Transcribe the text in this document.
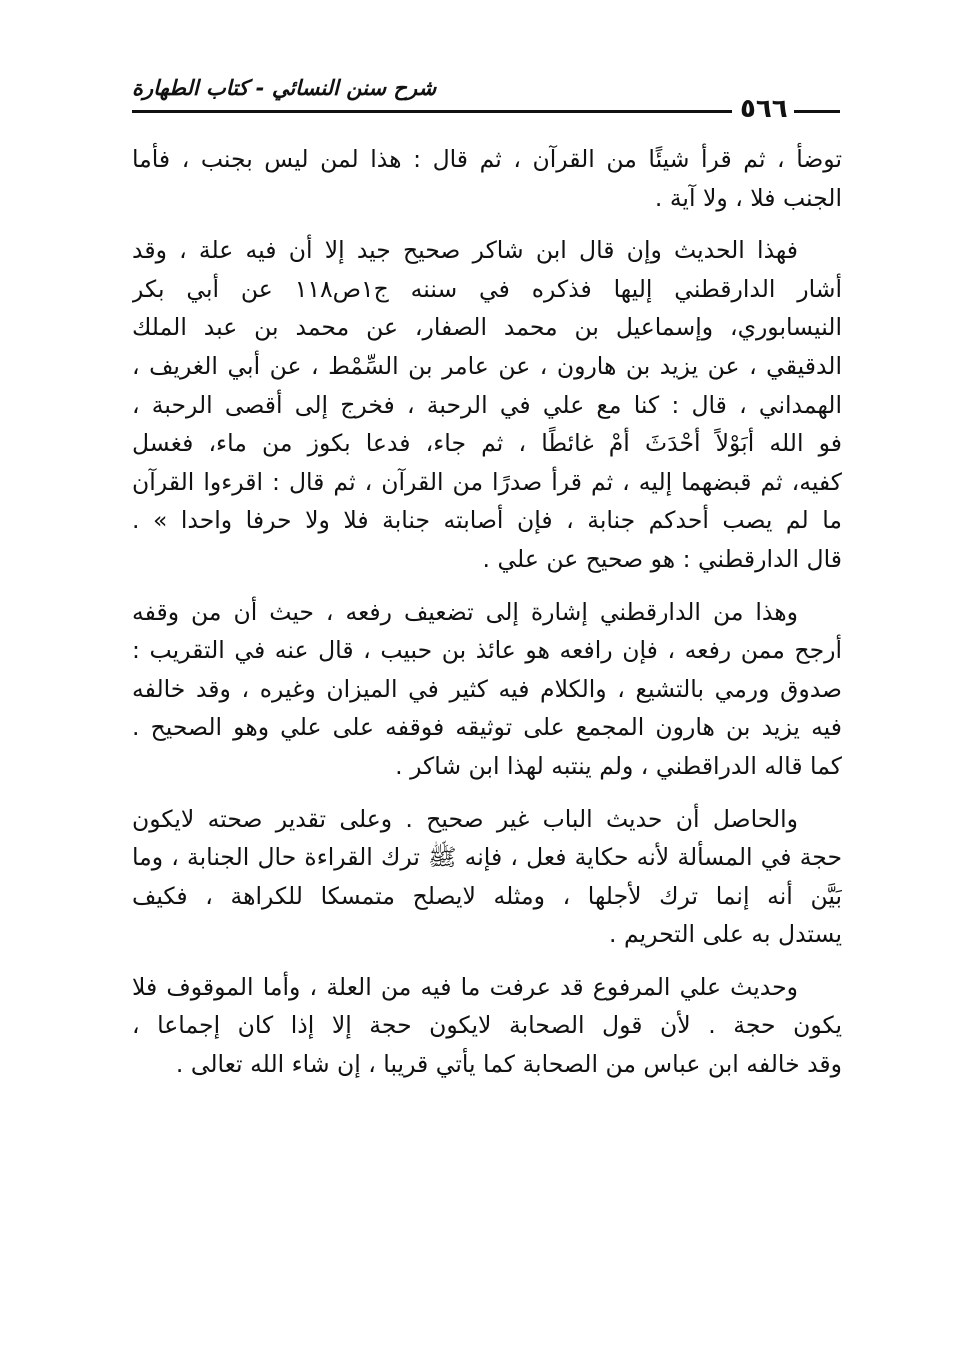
شرح سنن النسائي - كتاب الطهارة
٥٦٦
توضأ ، ثم قرأ شيئًا من القرآن ، ثم قال : هذا لمن ليس بجنب ، فأما
الجنب فلا ، ولا آية .
فهذا الحديث وإن قال ابن شاكر صحيح جيد إلا أن فيه علة ، وقد
أشار الدارقطني إليها فذكره في سننه ج١ص١١٨ عن أبي بكر
النيسابوري، وإسماعيل بن محمد الصفار، عن محمد بن عبد الملك
الدقيقي ، عن يزيد بن هارون ، عن عامر بن السِّمْط ، عن أبي الغريف ،
الهمداني ، قال : كنا مع علي في الرحبة ، فخرج إلى أقصى الرحبة ،
فو الله أبَوْلاً أحْدَثَ أمْ غائطًا ، ثم جاء، فدعا بكوز من ماء، فغسل
كفيه، ثم قبضهما إليه ، ثم قرأ صدرًا من القرآن ، ثم قال : اقرءوا القرآن
ما لم يصب أحدكم جنابة ، فإن أصابته جنابة فلا ولا حرفا واحدا » .
قال الدارقطني : هو صحيح عن علي .
وهذا من الدارقطني إشارة إلى تضعيف رفعه ، حيث أن من وقفه
أرجح ممن رفعه ، فإن رافعه هو عائذ بن حبيب ، قال عنه في التقريب :
صدوق ورمي بالتشيع ، والكلام فيه كثير في الميزان وغيره ، وقد خالفه
فيه يزيد بن هارون المجمع على توثيقه فوقفه على علي وهو الصحيح .
كما قاله الدراقطني ، ولم ينتبه لهذا ابن شاكر .
والحاصل أن حديث الباب غير صحيح . وعلى تقدير صحته لايكون
حجة في المسألة لأنه حكاية فعل ، فإنه ﷺ ترك القراءة حال الجنابة ، وما
بَيَّن أنه إنما ترك لأجلها ، ومثله لايصلح متمسكا للكراهة ، فكيف
يستدل به على التحريم .
وحديث علي المرفوع قد عرفت ما فيه من العلة ، وأما الموقوف فلا
يكون حجة . لأن قول الصحابة لايكون حجة إلا إذا كان إجماعا ،
وقد خالفه ابن عباس من الصحابة كما يأتي قريبا ، إن شاء الله تعالى .
